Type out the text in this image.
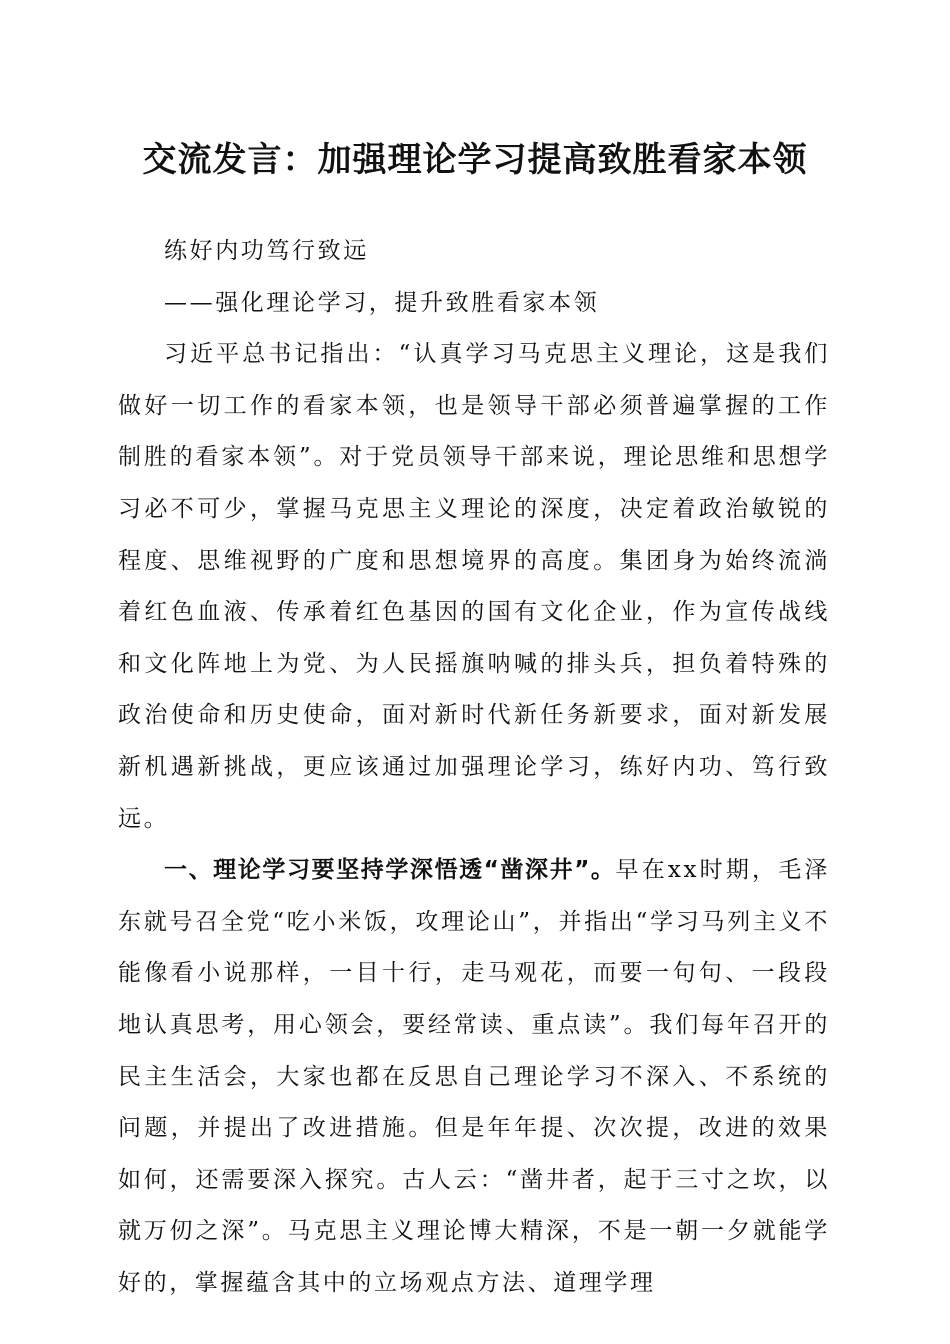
交流发言：加强理论学习提高致胜看家本领

练好内功笃行致远

——强化理论学习，提升致胜看家本领

习近平总书记指出：“认真学习马克思主义理论，这是我们做好一切工作的看家本领，也是领导干部必须普遍掌握的工作制胜的看家本领”。对于党员领导干部来说，理论思维和思想学习必不可少，掌握马克思主义理论的深度，决定着政治敏锐的程度、思维视野的广度和思想境界的高度。集团身为始终流淌着红色血液、传承着红色基因的国有文化企业，作为宣传战线和文化阵地上为党、为人民摇旗呐喊的排头兵，担负着特殊的政治使命和历史使命，面对新时代新任务新要求，面对新发展新机遇新挑战，更应该通过加强理论学习，练好内功、笃行致远。

一、理论学习要坚持学深悟透“凿深井”。早在xx时期，毛泽东就号召全党“吃小米饭，攻理论山”，并指出“学习马列主义不能像看小说那样，一目十行，走马观花，而要一句句、一段段地认真思考，用心领会，要经常读、重点读”。我们每年召开的民主生活会，大家也都在反思自己理论学习不深入、不系统的问题，并提出了改进措施。但是年年提、次次提，改进的效果如何，还需要深入探究。古人云：“凿井者，起于三寸之坎，以就万仞之深”。马克思主义理论博大精深，不是一朝一夕就能学好的，掌握蕴含其中的立场观点方法、道理学理
